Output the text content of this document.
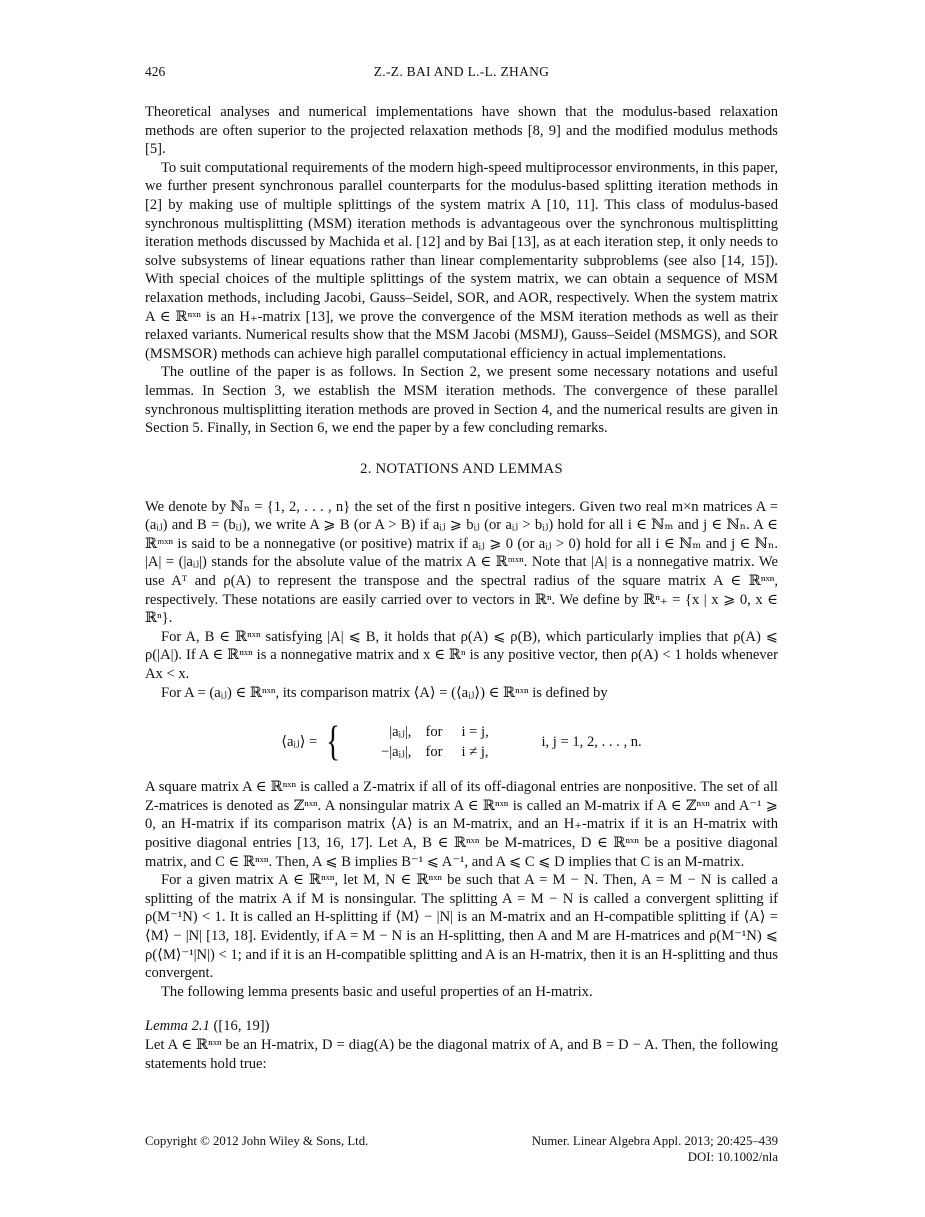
426	Z.-Z. BAI AND L.-L. ZHANG

Theoretical analyses and numerical implementations have shown that the modulus-based relaxation methods are often superior to the projected relaxation methods [8, 9] and the modified modulus methods [5].

To suit computational requirements of the modern high-speed multiprocessor environments, in this paper, we further present synchronous parallel counterparts for the modulus-based splitting iteration methods in [2] by making use of multiple splittings of the system matrix A [10, 11]. This class of modulus-based synchronous multisplitting (MSM) iteration methods is advantageous over the synchronous multisplitting iteration methods discussed by Machida et al. [12] and by Bai [13], as at each iteration step, it only needs to solve subsystems of linear equations rather than linear complementarity subproblems (see also [14, 15]). With special choices of the multiple splittings of the system matrix, we can obtain a sequence of MSM relaxation methods, including Jacobi, Gauss–Seidel, SOR, and AOR, respectively. When the system matrix A ∈ ℝⁿˣⁿ is an H₊-matrix [13], we prove the convergence of the MSM iteration methods as well as their relaxed variants. Numerical results show that the MSM Jacobi (MSMJ), Gauss–Seidel (MSMGS), and SOR (MSMSOR) methods can achieve high parallel computational efficiency in actual implementations.

The outline of the paper is as follows. In Section 2, we present some necessary notations and useful lemmas. In Section 3, we establish the MSM iteration methods. The convergence of these parallel synchronous multisplitting iteration methods are proved in Section 4, and the numerical results are given in Section 5. Finally, in Section 6, we end the paper by a few concluding remarks.

2. NOTATIONS AND LEMMAS

We denote by ℕₙ = {1, 2, . . . , n} the set of the first n positive integers. Given two real m×n matrices A = (aᵢⱼ) and B = (bᵢⱼ), we write A ⩾ B (or A > B) if aᵢⱼ ⩾ bᵢⱼ (or aᵢⱼ > bᵢⱼ) hold for all i ∈ ℕₘ and j ∈ ℕₙ. A ∈ ℝᵐˣⁿ is said to be a nonnegative (or positive) matrix if aᵢⱼ ⩾ 0 (or aᵢⱼ > 0) hold for all i ∈ ℕₘ and j ∈ ℕₙ. |A| = (|aᵢⱼ|) stands for the absolute value of the matrix A ∈ ℝᵐˣⁿ. Note that |A| is a nonnegative matrix. We use Aᵀ and ρ(A) to represent the transpose and the spectral radius of the square matrix A ∈ ℝⁿˣⁿ, respectively. These notations are easily carried over to vectors in ℝⁿ. We define by ℝⁿ₊ = {x | x ⩾ 0, x ∈ ℝⁿ}.

For A, B ∈ ℝⁿˣⁿ satisfying |A| ⩽ B, it holds that ρ(A) ⩽ ρ(B), which particularly implies that ρ(A) ⩽ ρ(|A|). If A ∈ ℝⁿˣⁿ is a nonnegative matrix and x ∈ ℝⁿ is any positive vector, then ρ(A) < 1 holds whenever Ax < x.

For A = (aᵢⱼ) ∈ ℝⁿˣⁿ, its comparison matrix ⟨A⟩ = (⟨aᵢⱼ⟩) ∈ ℝⁿˣⁿ is defined by

⟨aᵢⱼ⟩ = {	|aᵢⱼ|, for	i = j,
−|aᵢⱼ|, for	i ≠ j,
i, j = 1, 2, . . . , n.

A square matrix A ∈ ℝⁿˣⁿ is called a Z-matrix if all of its off-diagonal entries are nonpositive. The set of all Z-matrices is denoted as ℤⁿˣⁿ. A nonsingular matrix A ∈ ℝⁿˣⁿ is called an M-matrix if A ∈ ℤⁿˣⁿ and A⁻¹ ⩾ 0, an H-matrix if its comparison matrix ⟨A⟩ is an M-matrix, and an H₊-matrix if it is an H-matrix with positive diagonal entries [13, 16, 17]. Let A, B ∈ ℝⁿˣⁿ be M-matrices, D ∈ ℝⁿˣⁿ be a positive diagonal matrix, and C ∈ ℝⁿˣⁿ. Then, A ⩽ B implies B⁻¹ ⩽ A⁻¹, and A ⩽ C ⩽ D implies that C is an M-matrix.

For a given matrix A ∈ ℝⁿˣⁿ, let M, N ∈ ℝⁿˣⁿ be such that A = M − N. Then, A = M − N is called a splitting of the matrix A if M is nonsingular. The splitting A = M − N is called a convergent splitting if ρ(M⁻¹N) < 1. It is called an H-splitting if ⟨M⟩ − |N| is an M-matrix and an H-compatible splitting if ⟨A⟩ = ⟨M⟩ − |N| [13, 18]. Evidently, if A = M − N is an H-splitting, then A and M are H-matrices and ρ(M⁻¹N) ⩽ ρ(⟨M⟩⁻¹|N|) < 1; and if it is an H-compatible splitting and A is an H-matrix, then it is an H-splitting and thus convergent.

The following lemma presents basic and useful properties of an H-matrix.

Lemma 2.1 ([16, 19])

Let A ∈ ℝⁿˣⁿ be an H-matrix, D = diag(A) be the diagonal matrix of A, and B = D − A. Then, the following statements hold true:

Copyright © 2012 John Wiley & Sons, Ltd.	Numer. Linear Algebra Appl. 2013; 20:425–439
DOI: 10.1002/nla
